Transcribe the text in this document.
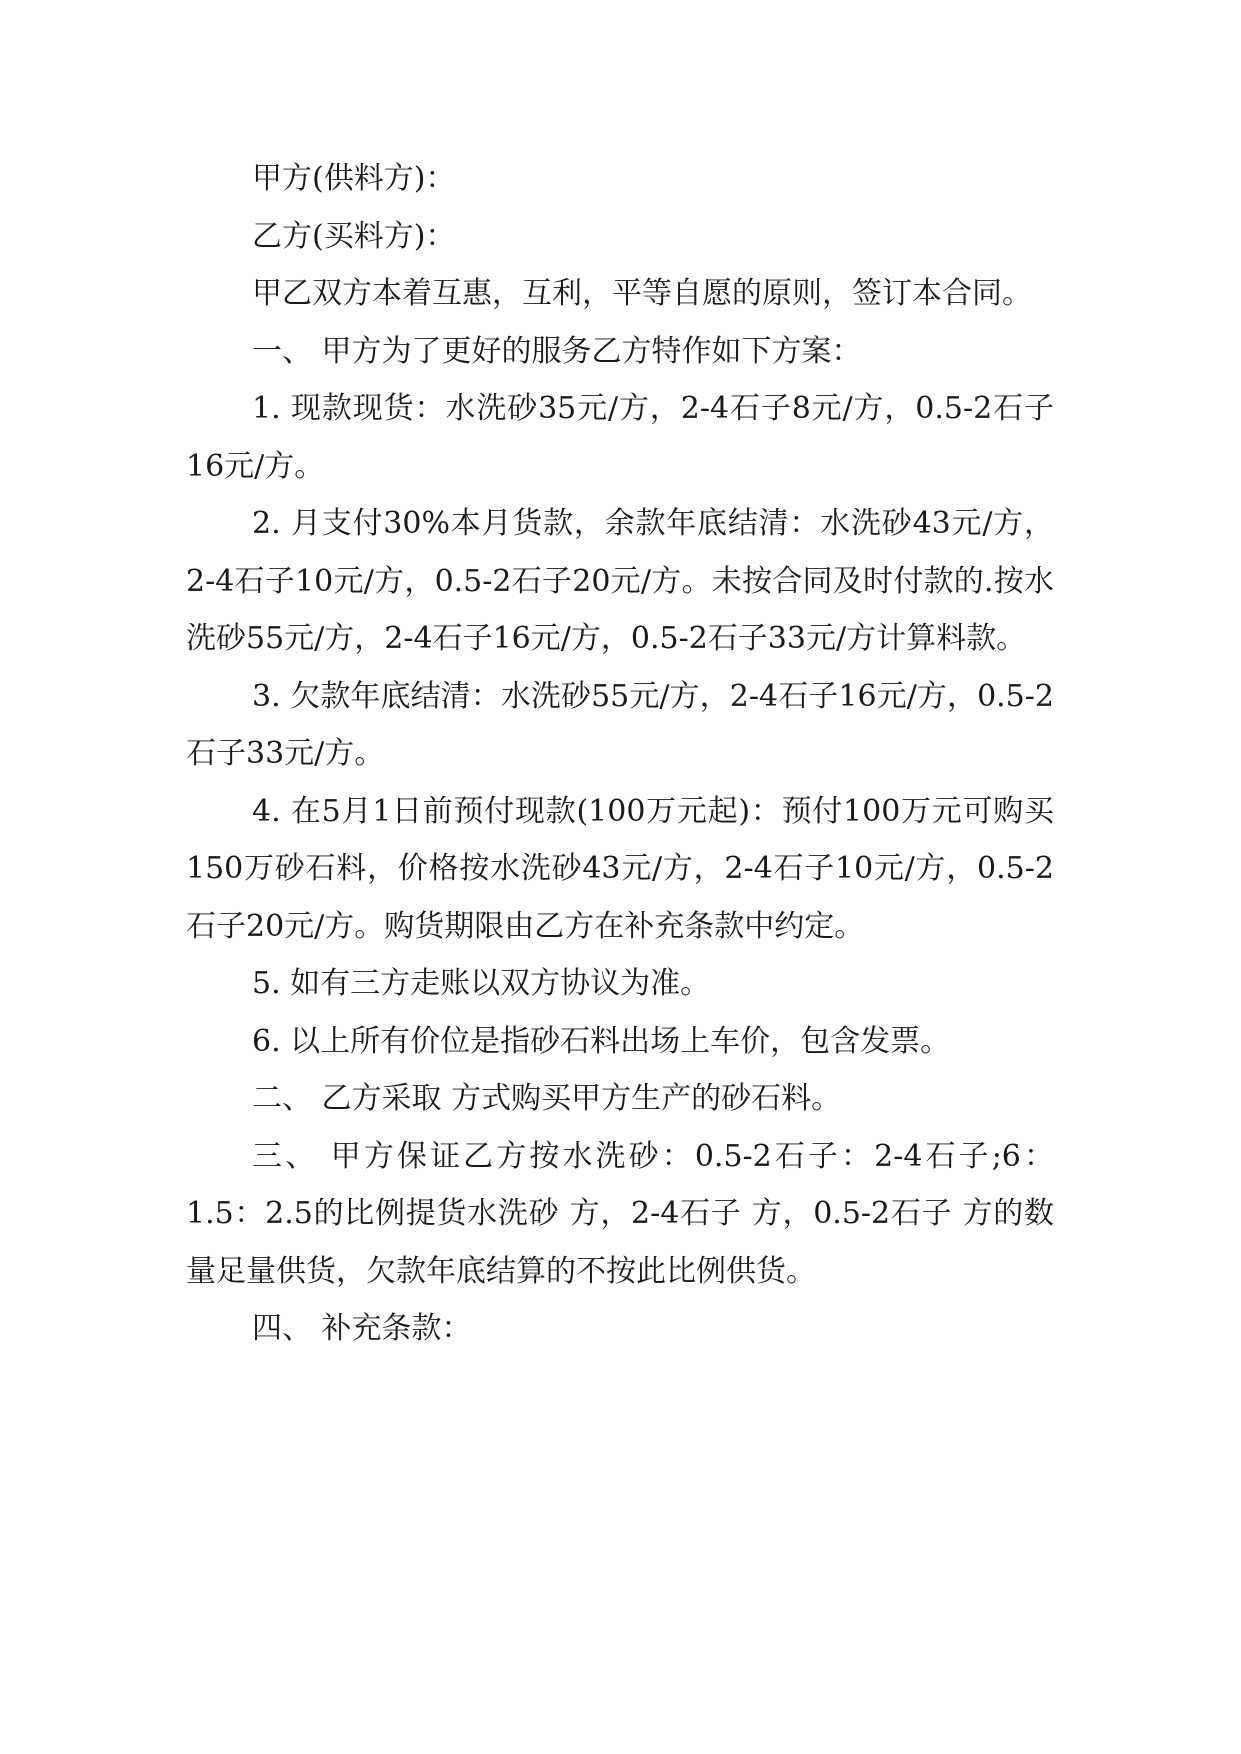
甲方(供料方)：

乙方(买料方)：

甲乙双方本着互惠，互利，平等自愿的原则，签订本合同。

一、 甲方为了更好的服务乙方特作如下方案：

1. 现款现货：水洗砂35元/方，2-4石子8元/方，0.5-2石子16元/方。

2. 月支付30%本月货款，余款年底结清：水洗砂43元/方，2-4石子10元/方，0.5-2石子20元/方。未按合同及时付款的.按水洗砂55元/方，2-4石子16元/方，0.5-2石子33元/方计算料款。

3. 欠款年底结清：水洗砂55元/方，2-4石子16元/方，0.5-2石子33元/方。

4. 在5月1日前预付现款(100万元起)：预付100万元可购买150万砂石料，价格按水洗砂43元/方，2-4石子10元/方，0.5-2石子20元/方。购货期限由乙方在补充条款中约定。

5. 如有三方走账以双方协议为准。

6. 以上所有价位是指砂石料出场上车价，包含发票。

二、 乙方采取 方式购买甲方生产的砂石料。

三、 甲方保证乙方按水洗砂：0.5-2石子：2-4石子;6：1.5：2.5的比例提货水洗砂 方，2-4石子 方，0.5-2石子 方的数量足量供货，欠款年底结算的不按此比例供货。

四、 补充条款：
